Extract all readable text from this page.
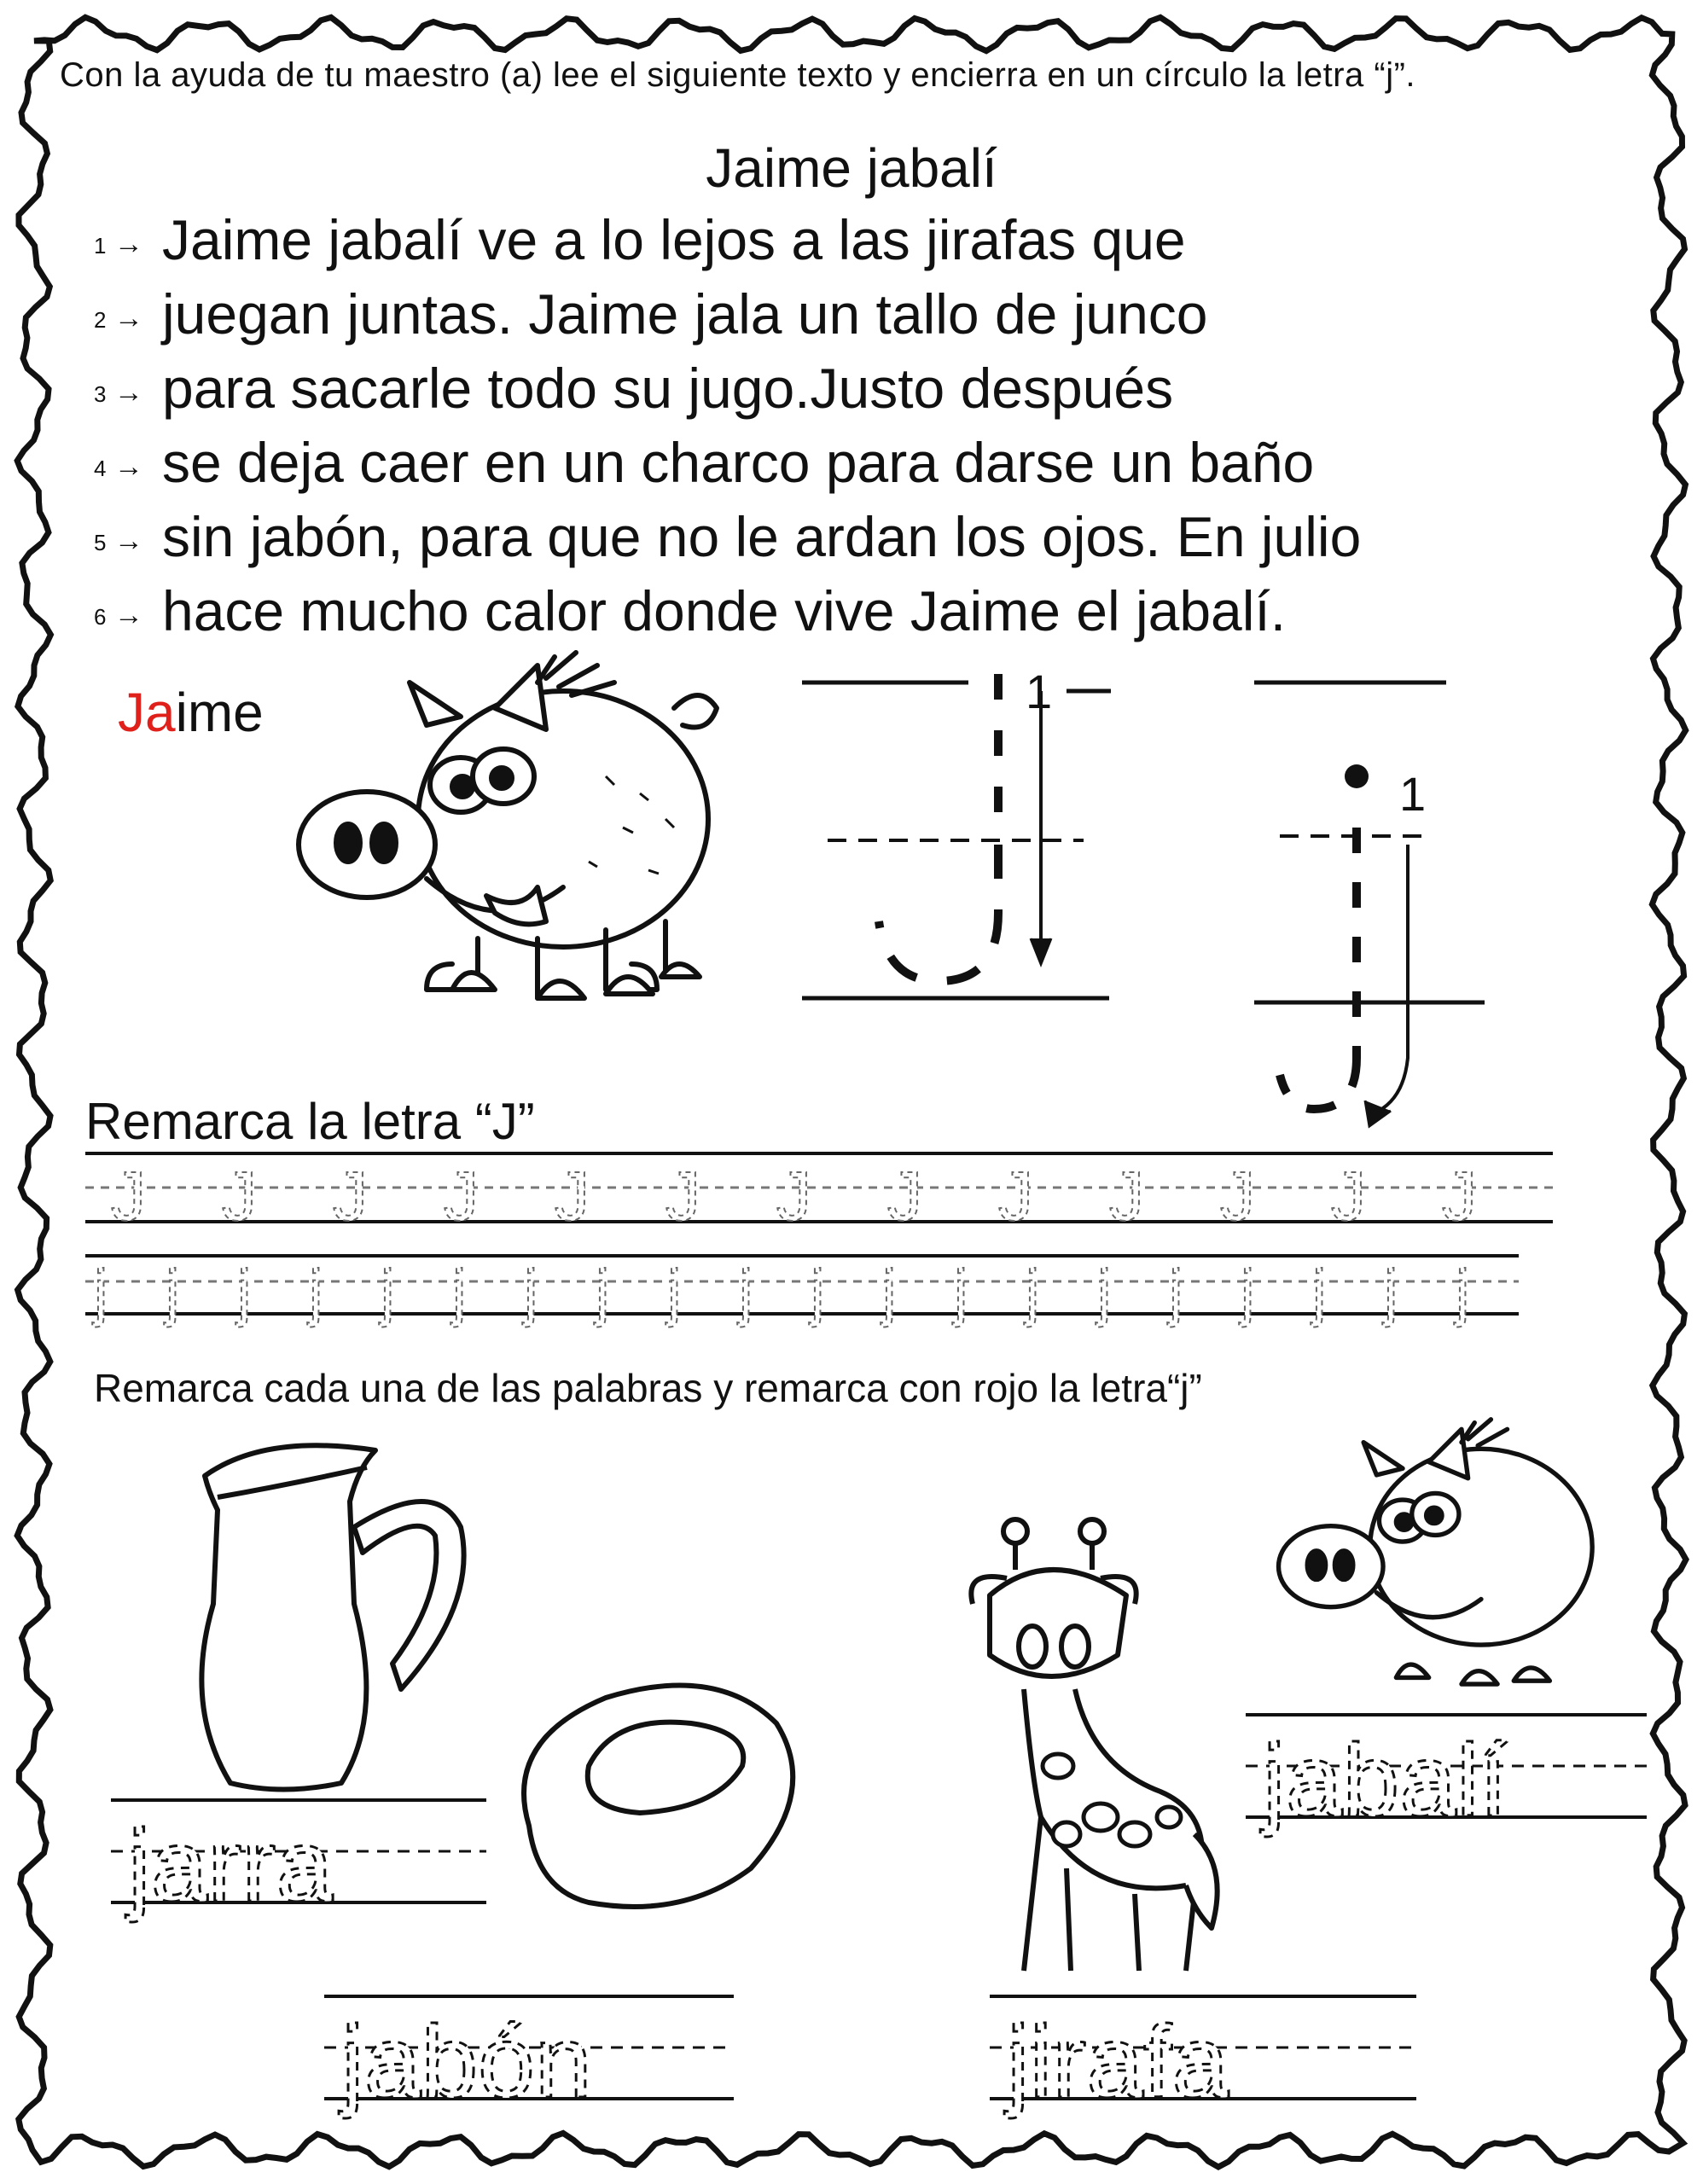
Con la ayuda de tu maestro (a) lee el siguiente texto y encierra en un círculo la letra “j”.
Jaime jabalí
1 → Jaime jabalí ve a lo lejos a las jirafas que
2 → juegan juntas. Jaime jala un tallo de junco
3 → para sacarle todo su jugo.Justo después
4 → se deja caer en un charco para darse un baño
5 → sin jabón, para que no le ardan los ojos. En julio
6 → hace mucho calor donde vive Jaime el jabalí.
Jaime	1
1
Remarca la letra “J”
J J J J J J J J J J J J J
j j j j j j j j j j j j j j j j j j j j
Remarca cada una de las palabras y remarca con rojo la letra“j”
jarra
jabón	jirafa
jabalí
